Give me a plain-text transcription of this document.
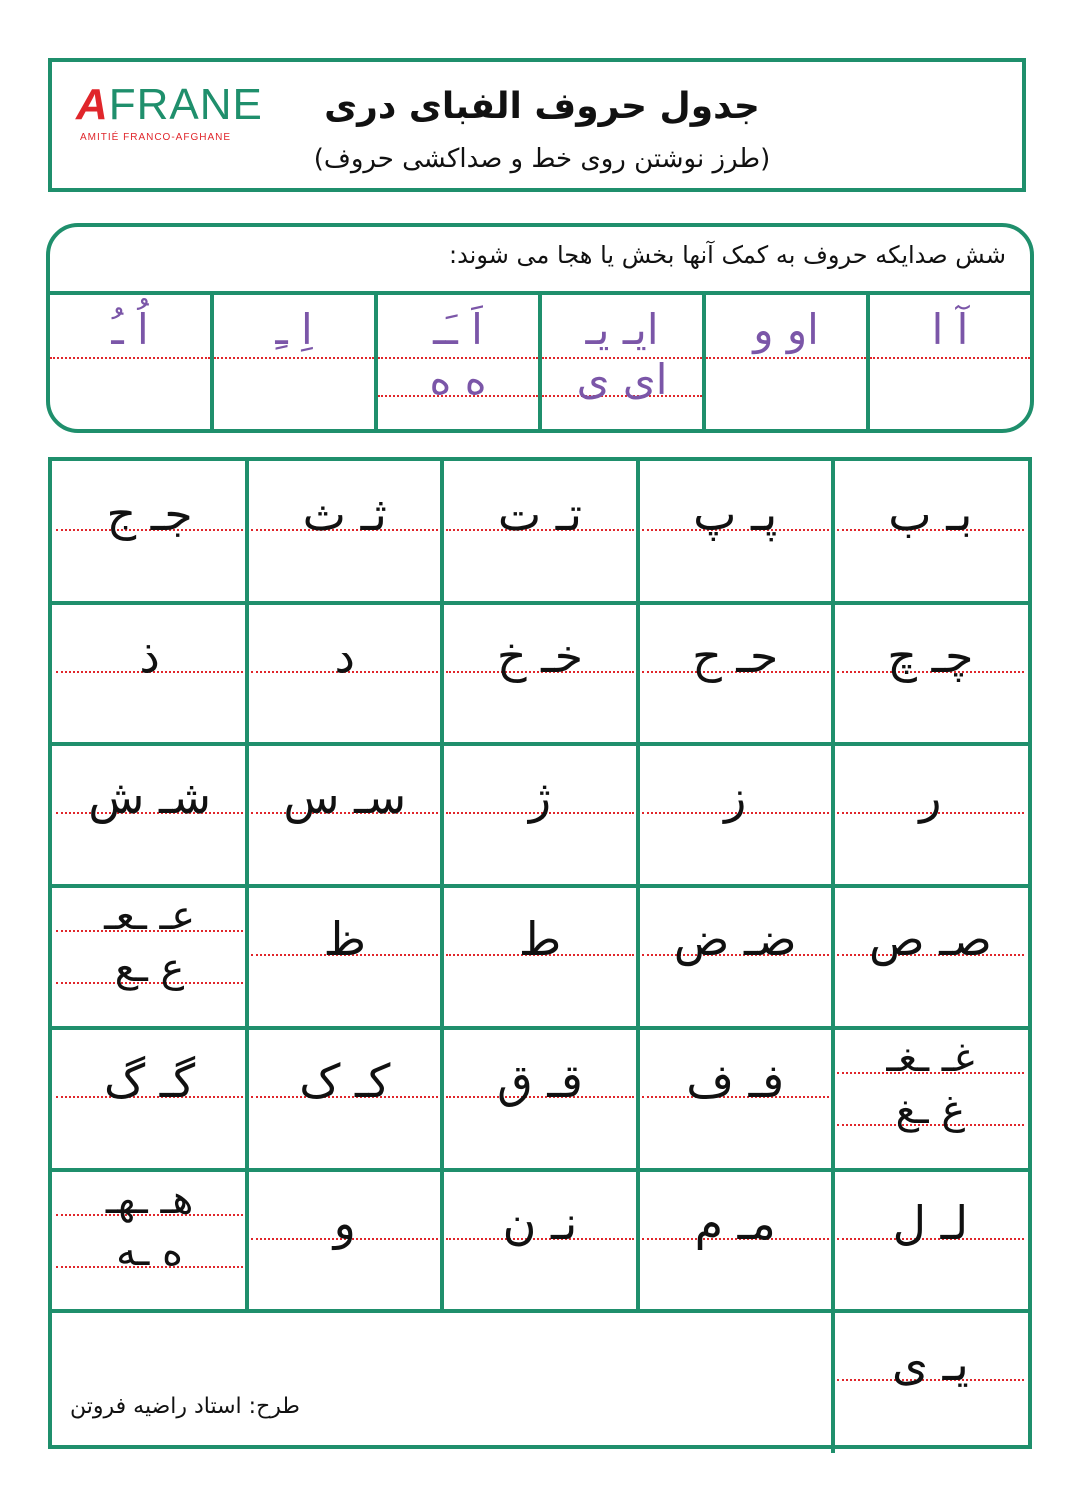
AFRANE
AMITIÉ FRANCO-AFGHANE
جدول حروف الفبای دری
(طرز نوشتن روی خط و صداکشی حروف)
شش صدایکه حروف به کمک آنها بخش یا هجا می شوند:
آ ا
او و
ایـ یـ
ای ی
اَ ـَـ
ه ه
اِ ـِ
اُ ـُ
بـ ب
پـ پ
تـ ت
ثـ ث
جـ ج
چـ چ
حـ ح
خـ خ
د
ذ
ر
ز
ژ
سـ س
شـ ش
صـ ص
ضـ ض
ط
ظ
عـ ـعـ
ع ـع
غـ ـغـ
غ ـغ
فـ ف
قـ ق
کـ ک
گـ گ
لـ ل
مـ م
نـ ن
و
هـ ـهـ
ه ـه
یـ ی
طرح: استاد راضیه فروتن
